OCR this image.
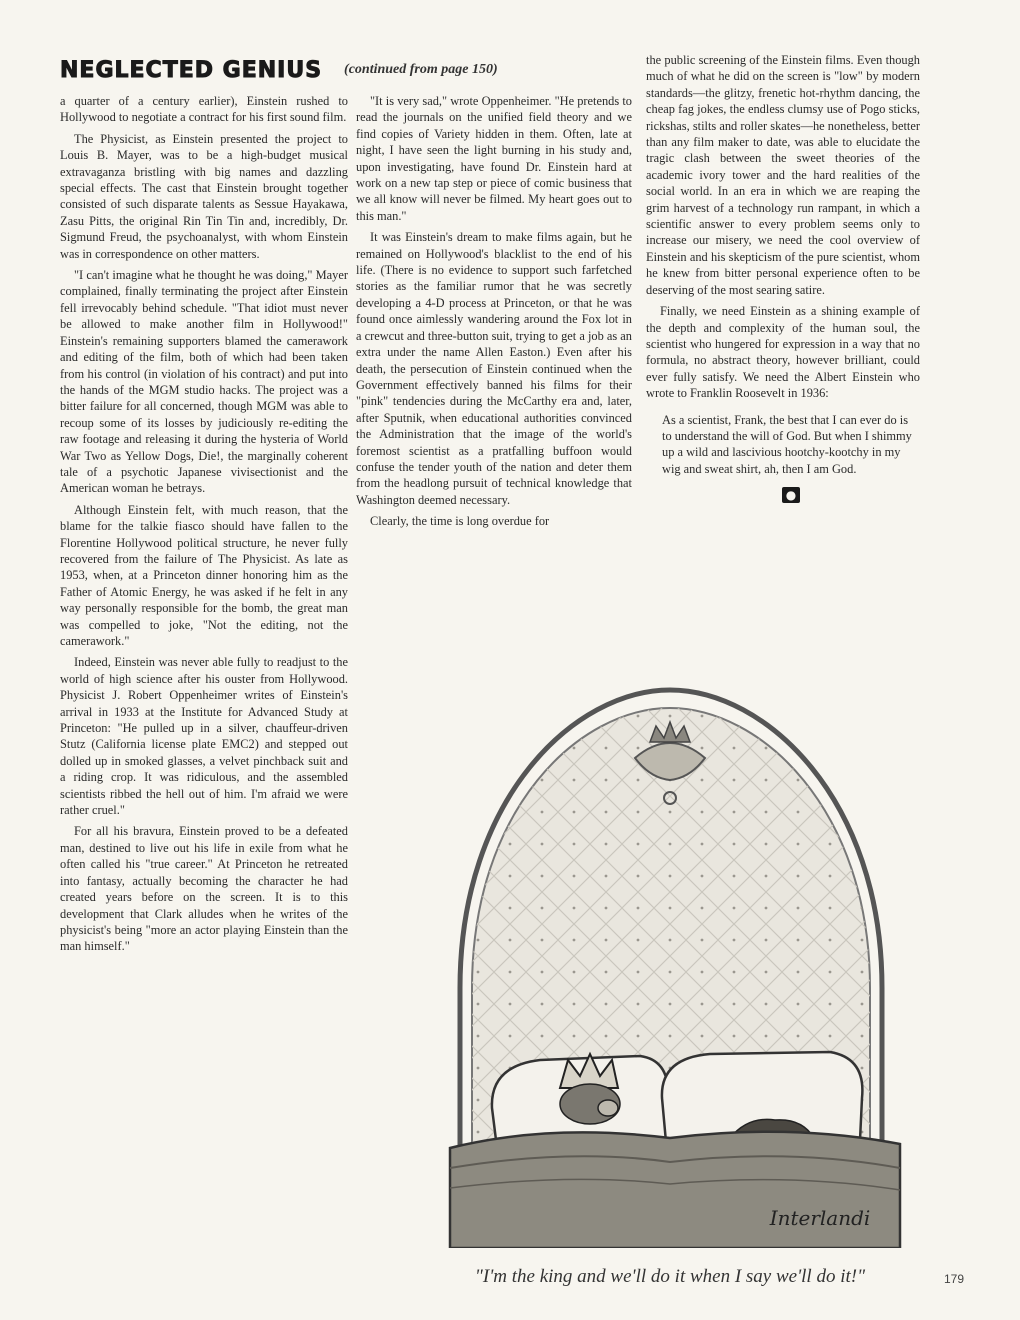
NEGLECTED GENIUS (continued from page 150)

a quarter of a century earlier), Einstein rushed to Hollywood to negotiate a contract for his first sound film.

The Physicist, as Einstein presented the project to Louis B. Mayer, was to be a high-budget musical extravaganza bristling with big names and dazzling special effects. The cast that Einstein brought together consisted of such disparate talents as Sessue Hayakawa, Zasu Pitts, the original Rin Tin Tin and, incredibly, Dr. Sigmund Freud, the psychoanalyst, with whom Einstein was in correspondence on other matters.

"I can't imagine what he thought he was doing," Mayer complained, finally terminating the project after Einstein fell irrevocably behind schedule. "That idiot must never be allowed to make another film in Hollywood!" Einstein's remaining supporters blamed the camerawork and editing of the film, both of which had been taken from his control (in violation of his contract) and put into the hands of the MGM studio hacks. The project was a bitter failure for all concerned, though MGM was able to recoup some of its losses by judiciously re-editing the raw footage and releasing it during the hysteria of World War Two as Yellow Dogs, Die!, the marginally coherent tale of a psychotic Japanese vivisectionist and the American woman he betrays.

Although Einstein felt, with much reason, that the blame for the talkie fiasco should have fallen to the Florentine Hollywood political structure, he never fully recovered from the failure of The Physicist. As late as 1953, when, at a Princeton dinner honoring him as the Father of Atomic Energy, he was asked if he felt in any way personally responsible for the bomb, the great man was compelled to joke, "Not the editing, not the camerawork."

Indeed, Einstein was never able fully to readjust to the world of high science after his ouster from Hollywood. Physicist J. Robert Oppenheimer writes of Einstein's arrival in 1933 at the Institute for Advanced Study at Princeton: "He pulled up in a silver, chauffeur-driven Stutz (California license plate EMC2) and stepped out dolled up in smoked glasses, a velvet pinchback suit and a riding crop. It was ridiculous, and the assembled scientists ribbed the hell out of him. I'm afraid we were rather cruel."

For all his bravura, Einstein proved to be a defeated man, destined to live out his life in exile from what he often called his "true career." At Princeton he retreated into fantasy, actually becoming the character he had created years before on the screen. It is to this development that Clark alludes when he writes of the physicist's being "more an actor playing Einstein than the man himself."

"It is very sad," wrote Oppenheimer. "He pretends to read the journals on the unified field theory and we find copies of Variety hidden in them. Often, late at night, I have seen the light burning in his study and, upon investigating, have found Dr. Einstein hard at work on a new tap step or piece of comic business that we all know will never be filmed. My heart goes out to this man."

It was Einstein's dream to make films again, but he remained on Hollywood's blacklist to the end of his life. (There is no evidence to support such farfetched stories as the familiar rumor that he was secretly developing a 4-D process at Princeton, or that he was found once aimlessly wandering around the Fox lot in a crewcut and three-button suit, trying to get a job as an extra under the name Allen Easton.) Even after his death, the persecution of Einstein continued when the Government effectively banned his films for their "pink" tendencies during the McCarthy era and, later, after Sputnik, when educational authorities convinced the Administration that the image of the world's foremost scientist as a pratfalling buffoon would confuse the tender youth of the nation and deter them from the headlong pursuit of technical knowledge that Washington deemed necessary.

Clearly, the time is long overdue for

the public screening of the Einstein films. Even though much of what he did on the screen is "low" by modern standards—the glitzy, frenetic hot-rhythm dancing, the cheap fag jokes, the endless clumsy use of Pogo sticks, rickshas, stilts and roller skates—he nonetheless, better than any film maker to date, was able to elucidate the tragic clash between the sweet theories of the academic ivory tower and the hard realities of the social world. In an era in which we are reaping the grim harvest of a technology run rampant, in which a scientific answer to every problem seems only to increase our misery, we need the cool overview of Einstein and his skepticism of the pure scientist, whom he knew from bitter personal experience often to be deserving of the most searing satire.

Finally, we need Einstein as a shining example of the depth and complexity of the human soul, the scientist who hungered for expression in a way that no formula, no abstract theory, however brilliant, could ever fully satisfy. We need the Albert Einstein who wrote to Franklin Roosevelt in 1936:

As a scientist, Frank, the best that I can ever do is to understand the will of God. But when I shimmy up a wild and lascivious hootchy-kootchy in my wig and sweat shirt, ah, then I am God.
●
Interlandi
"I'm the king and we'll do it when I say we'll do it!"	179
